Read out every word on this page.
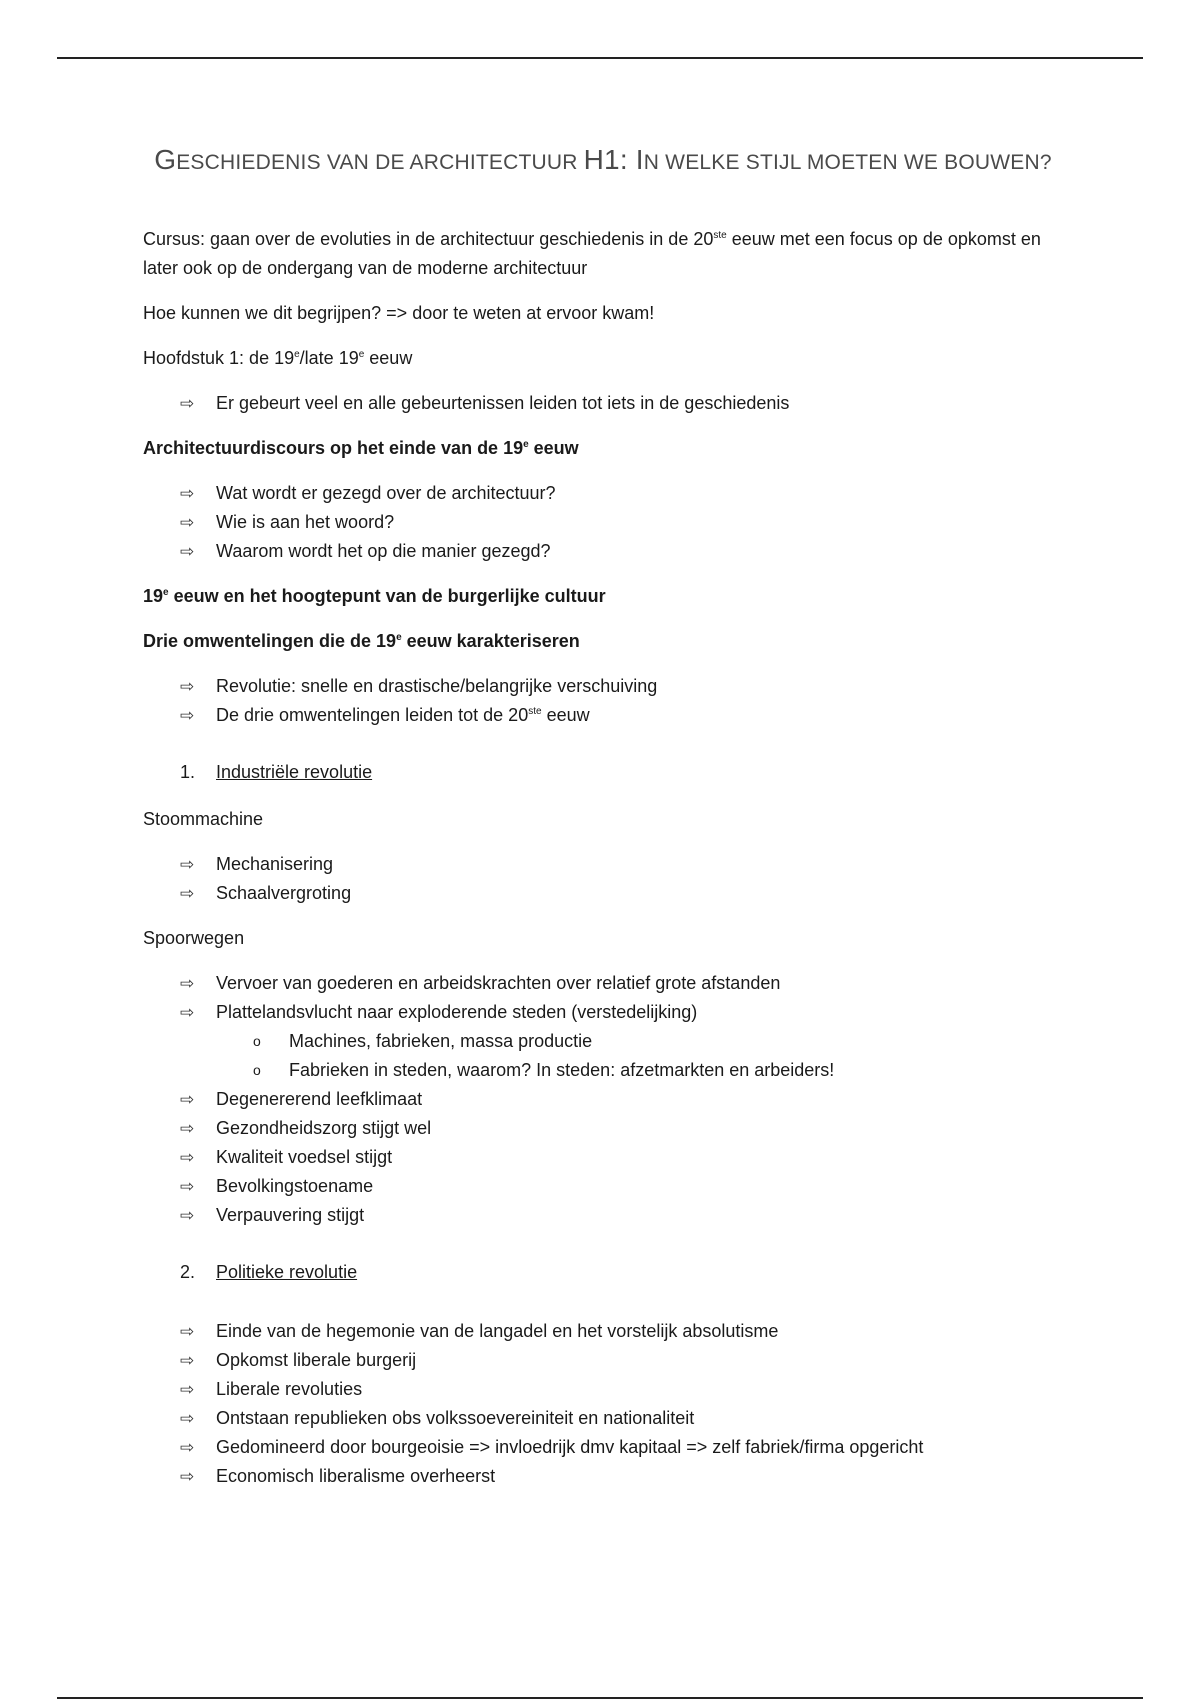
GESCHIEDENIS VAN DE ARCHITECTUUR H1: IN WELKE STIJL MOETEN WE BOUWEN?

Cursus: gaan over de evoluties in de architectuur geschiedenis in de 20ste eeuw met een focus op de opkomst en later ook op de ondergang van de moderne architectuur

Hoe kunnen we dit begrijpen? => door te weten at ervoor kwam!

Hoofdstuk 1: de 19e/late 19e eeuw

⇨ Er gebeurt veel en alle gebeurtenissen leiden tot iets in de geschiedenis

Architectuurdiscours op het einde van de 19e eeuw

⇨ Wat wordt er gezegd over de architectuur?
⇨ Wie is aan het woord?
⇨ Waarom wordt het op die manier gezegd?

19e eeuw en het hoogtepunt van de burgerlijke cultuur

Drie omwentelingen die de 19e eeuw karakteriseren

⇨ Revolutie: snelle en drastische/belangrijke verschuiving
⇨ De drie omwentelingen leiden tot de 20ste eeuw
1. Industriële revolutie

Stoommachine

⇨ Mechanisering
⇨ Schaalvergroting

Spoorwegen

⇨ Vervoer van goederen en arbeidskrachten over relatief grote afstanden
⇨ Plattelandsvlucht naar exploderende steden (verstedelijking)
o Machines, fabrieken, massa productie
o Fabrieken in steden, waarom? In steden: afzetmarkten en arbeiders!
⇨ Degenererend leefklimaat
⇨ Gezondheidszorg stijgt wel
⇨ Kwaliteit voedsel stijgt
⇨ Bevolkingstoename
⇨ Verpauvering stijgt
2. Politieke revolutie
⇨ Einde van de hegemonie van de langadel en het vorstelijk absolutisme
⇨ Opkomst liberale burgerij
⇨ Liberale revoluties
⇨ Ontstaan republieken obs volkssoevereiniteit en nationaliteit
⇨ Gedomineerd door bourgeoisie => invloedrijk dmv kapitaal => zelf fabriek/firma opgericht
⇨ Economisch liberalisme overheerst
